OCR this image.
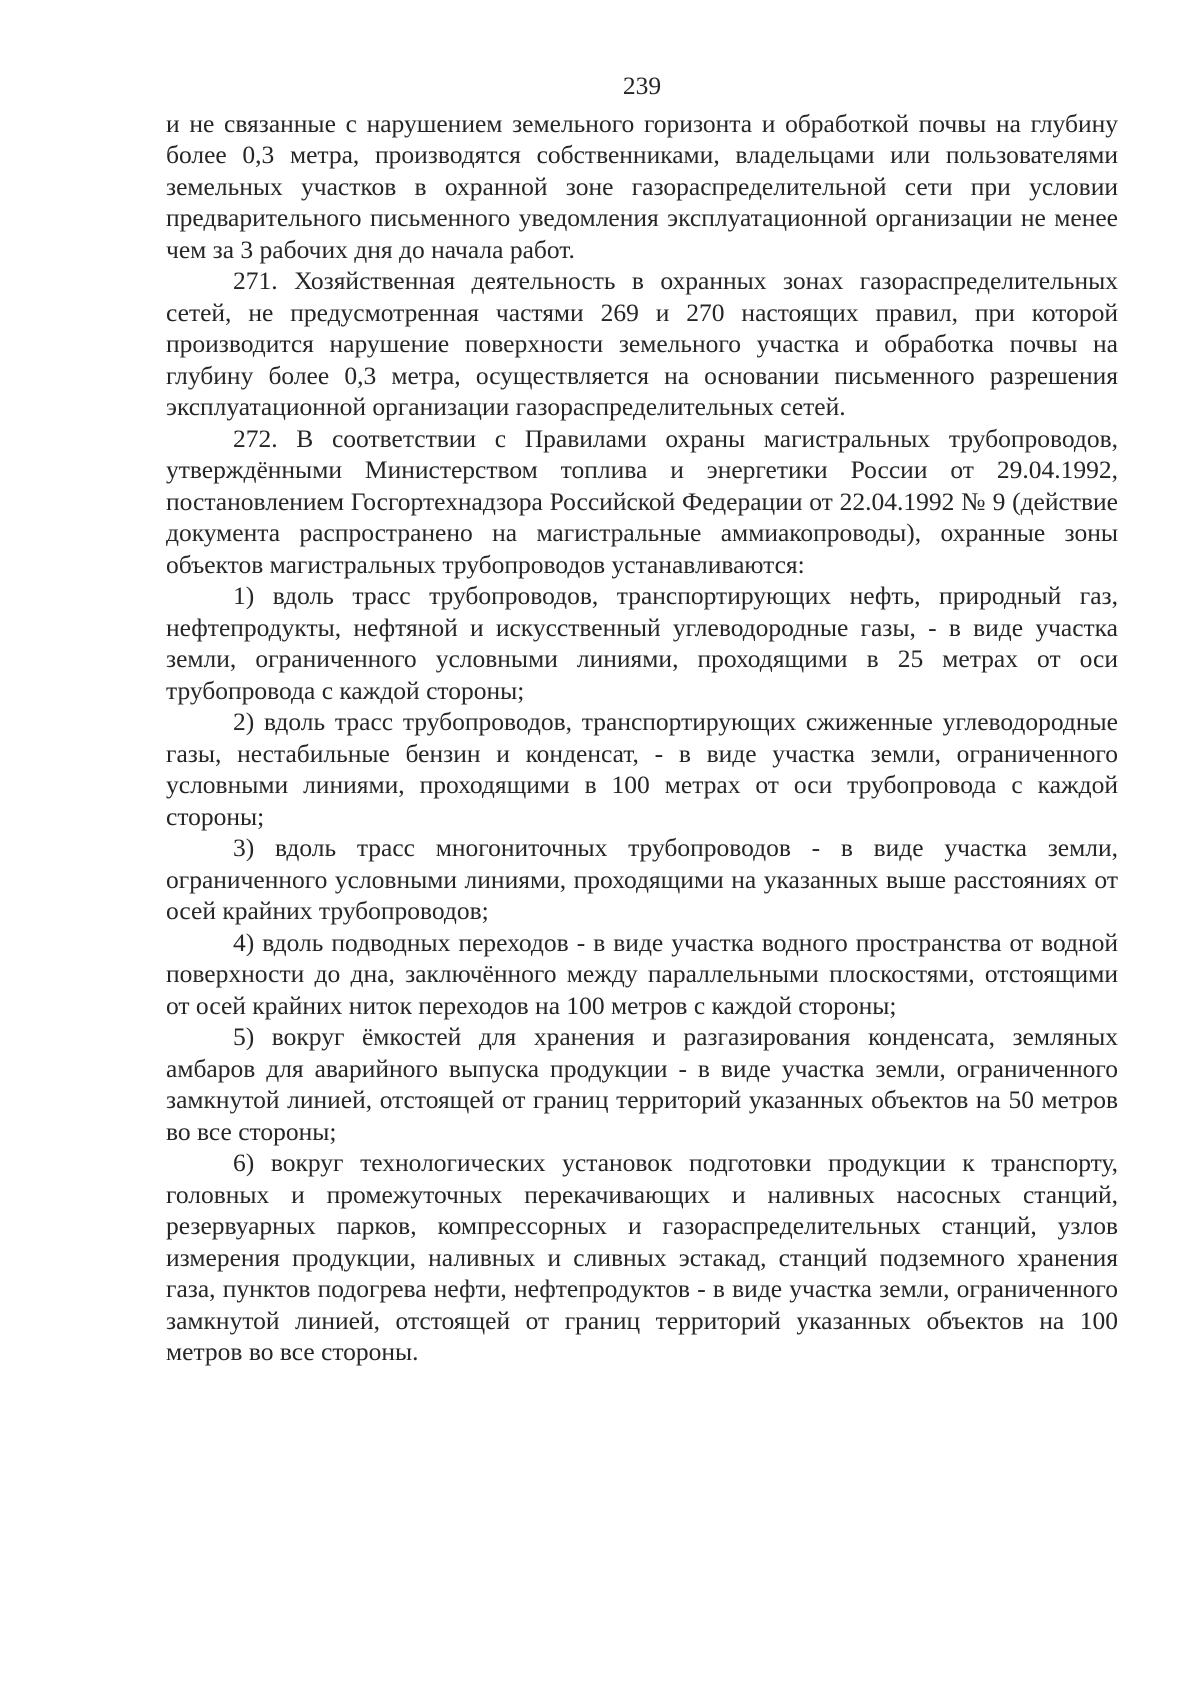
239

и не связанные с нарушением земельного горизонта и обработкой почвы на глубину более 0,3 метра, производятся собственниками, владельцами или пользователями земельных участков в охранной зоне газораспределительной сети при условии предварительного письменного уведомления эксплуатационной организации не менее чем за 3 рабочих дня до начала работ.

271. Хозяйственная деятельность в охранных зонах газораспределительных сетей, не предусмотренная частями 269 и 270 настоящих правил, при которой производится нарушение поверхности земельного участка и обработка почвы на глубину более 0,3 метра, осуществляется на основании письменного разрешения эксплуатационной организации газораспределительных сетей.

272. В соответствии с Правилами охраны магистральных трубопроводов, утверждёнными Министерством топлива и энергетики России от 29.04.1992, постановлением Госгортехнадзора Российской Федерации от 22.04.1992 № 9 (действие документа распространено на магистральные аммиакопроводы), охранные зоны объектов магистральных трубопроводов устанавливаются:

1) вдоль трасс трубопроводов, транспортирующих нефть, природный газ, нефтепродукты, нефтяной и искусственный углеводородные газы, - в виде участка земли, ограниченного условными линиями, проходящими в 25 метрах от оси трубопровода с каждой стороны;

2) вдоль трасс трубопроводов, транспортирующих сжиженные углеводородные газы, нестабильные бензин и конденсат, - в виде участка земли, ограниченного условными линиями, проходящими в 100 метрах от оси трубопровода с каждой стороны;

3) вдоль трасс многониточных трубопроводов - в виде участка земли, ограниченного условными линиями, проходящими на указанных выше расстояниях от осей крайних трубопроводов;

4) вдоль подводных переходов - в виде участка водного пространства от водной поверхности до дна, заключённого между параллельными плоскостями, отстоящими от осей крайних ниток переходов на 100 метров с каждой стороны;

5) вокруг ёмкостей для хранения и разгазирования конденсата, земляных амбаров для аварийного выпуска продукции - в виде участка земли, ограниченного замкнутой линией, отстоящей от границ территорий указанных объектов на 50 метров во все стороны;

6) вокруг технологических установок подготовки продукции к транспорту, головных и промежуточных перекачивающих и наливных насосных станций, резервуарных парков, компрессорных и газораспределительных станций, узлов измерения продукции, наливных и сливных эстакад, станций подземного хранения газа, пунктов подогрева нефти, нефтепродуктов - в виде участка земли, ограниченного замкнутой линией, отстоящей от границ территорий указанных объектов на 100 метров во все стороны.
